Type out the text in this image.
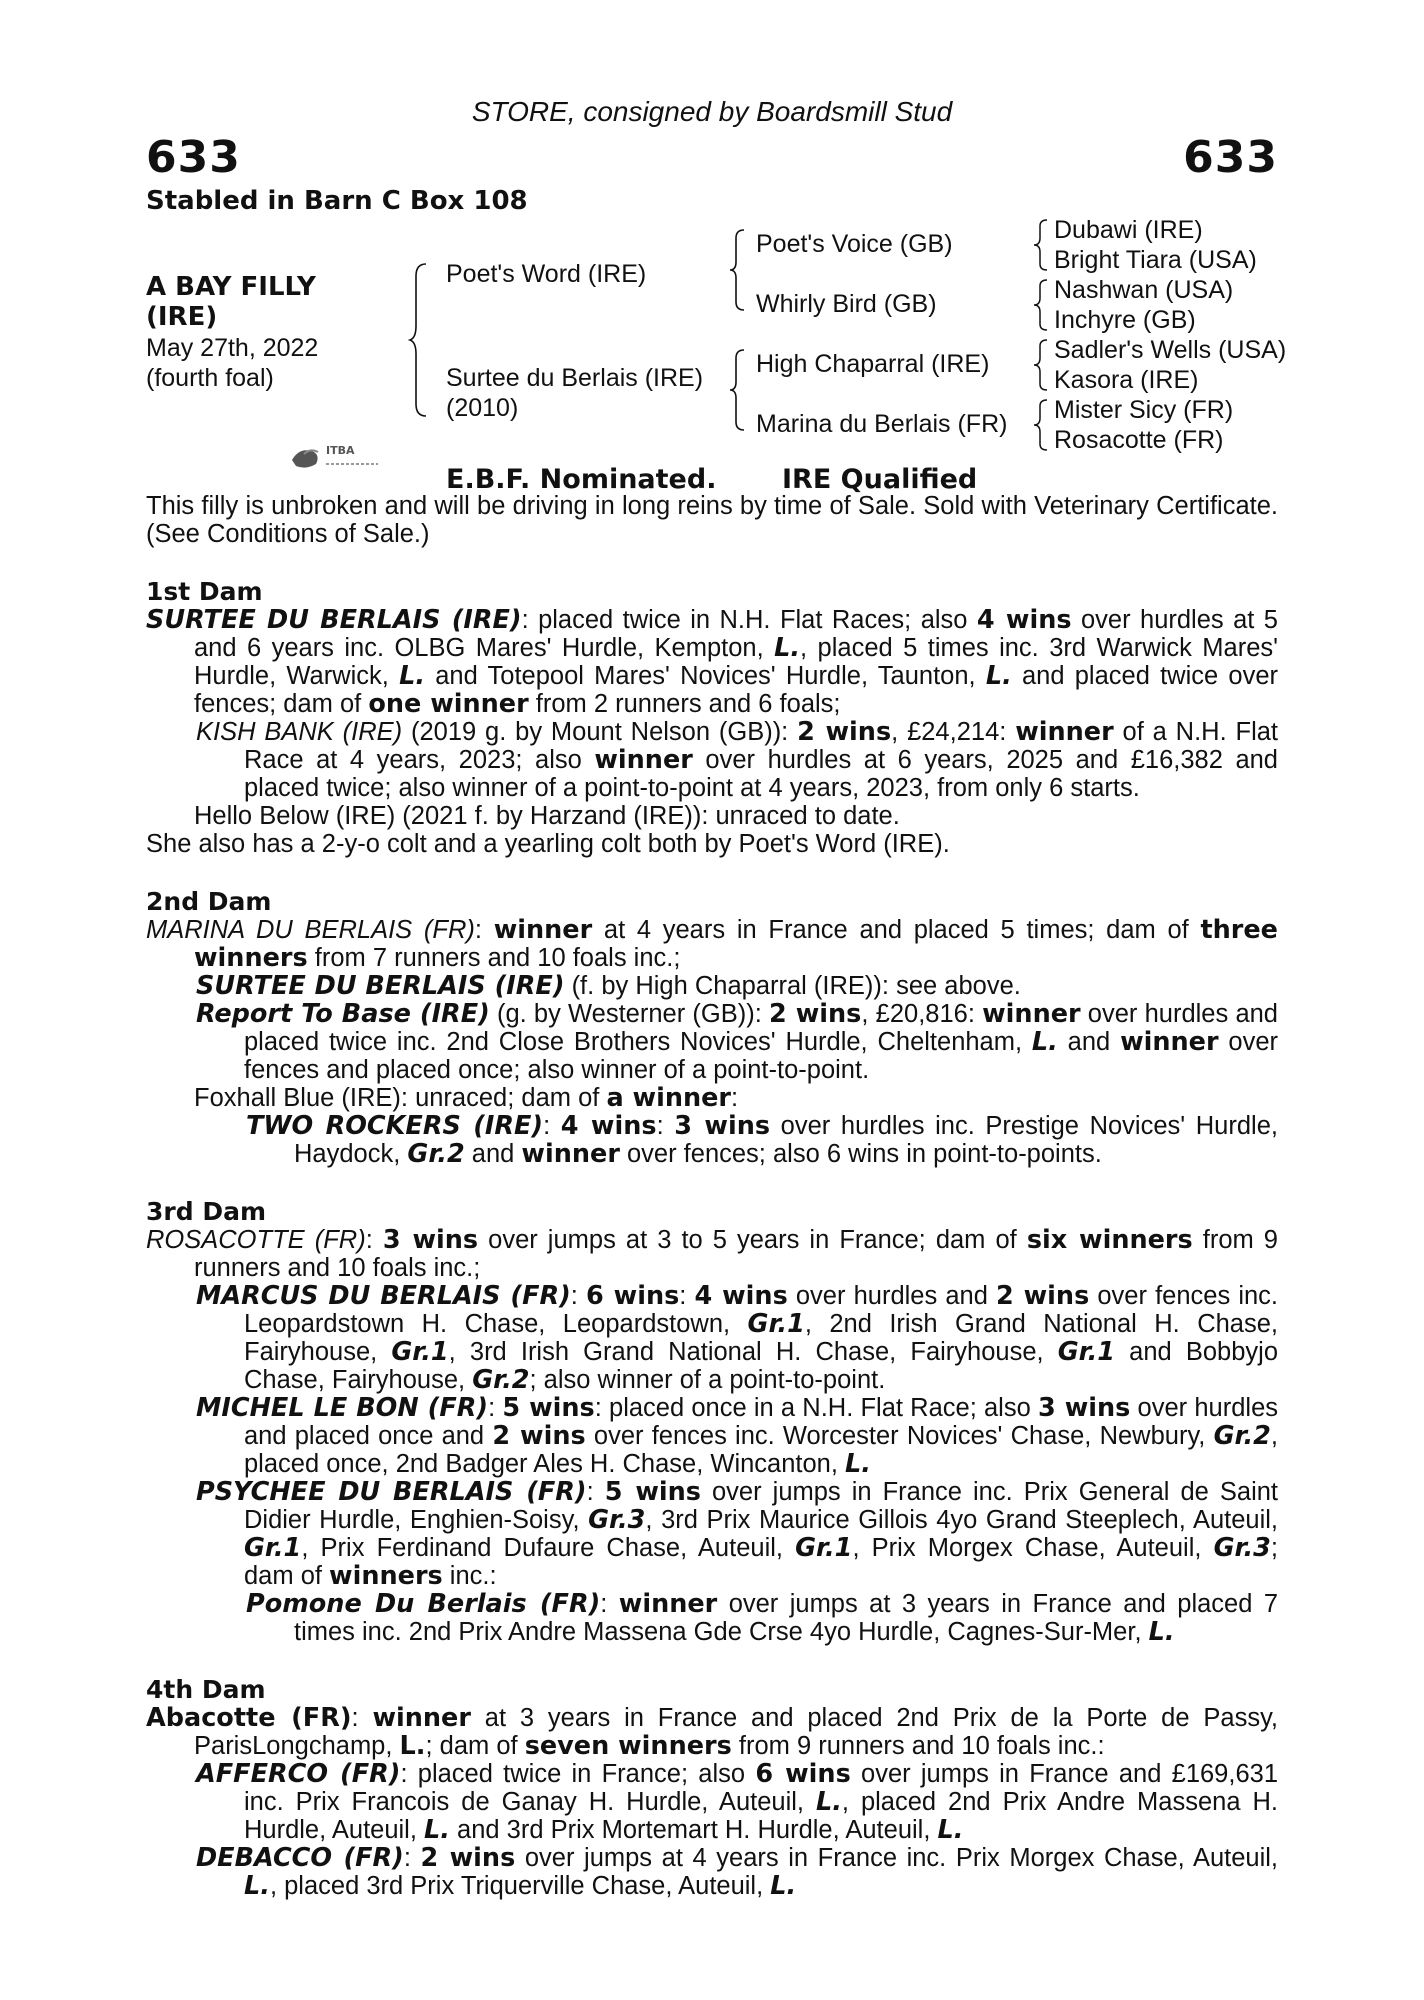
STORE, consigned by Boardsmill Stud
633	633
Stabled in Barn C Box 108
A BAY FILLY
(IRE)
May 27th, 2022
(fourth foal)
Poet's Word (IRE)
Surtee du Berlais (IRE)
(2010)
Poet's Voice (GB)
Whirly Bird (GB)
High Chaparral (IRE)
Marina du Berlais (FR)
Dubawi (IRE)
Bright Tiara (USA)
Nashwan (USA)
Inchyre (GB)
Sadler's Wells (USA)
Kasora (IRE)
Mister Sicy (FR)
Rosacotte (FR)
ITBA
E.B.F. Nominated. IRE Qualified

This filly is unbroken and will be driving in long reins by time of Sale. Sold with Veterinary Certificate. (See Conditions of Sale.)

1st Dam

SURTEE DU BERLAIS (IRE): placed twice in N.H. Flat Races; also 4 wins over hurdles at 5 and 6 years inc. OLBG Mares' Hurdle, Kempton, L., placed 5 times inc. 3rd Warwick Mares' Hurdle, Warwick, L. and Totepool Mares' Novices' Hurdle, Taunton, L. and placed twice over fences; dam of one winner from 2 runners and 6 foals;

KISH BANK (IRE) (2019 g. by Mount Nelson (GB)): 2 wins, £24,214: winner of a N.H. Flat Race at 4 years, 2023; also winner over hurdles at 6 years, 2025 and £16,382 and placed twice; also winner of a point-to-point at 4 years, 2023, from only 6 starts.

Hello Below (IRE) (2021 f. by Harzand (IRE)): unraced to date.

She also has a 2-y-o colt and a yearling colt both by Poet's Word (IRE).

2nd Dam

MARINA DU BERLAIS (FR): winner at 4 years in France and placed 5 times; dam of three winners from 7 runners and 10 foals inc.;

SURTEE DU BERLAIS (IRE) (f. by High Chaparral (IRE)): see above.

Report To Base (IRE) (g. by Westerner (GB)): 2 wins, £20,816: winner over hurdles and placed twice inc. 2nd Close Brothers Novices' Hurdle, Cheltenham, L. and winner over fences and placed once; also winner of a point-to-point.

Foxhall Blue (IRE): unraced; dam of a winner:

TWO ROCKERS (IRE): 4 wins: 3 wins over hurdles inc. Prestige Novices' Hurdle, Haydock, Gr.2 and winner over fences; also 6 wins in point-to-points.

3rd Dam

ROSACOTTE (FR): 3 wins over jumps at 3 to 5 years in France; dam of six winners from 9 runners and 10 foals inc.;

MARCUS DU BERLAIS (FR): 6 wins: 4 wins over hurdles and 2 wins over fences inc. Leopardstown H. Chase, Leopardstown, Gr.1, 2nd Irish Grand National H. Chase, Fairyhouse, Gr.1, 3rd Irish Grand National H. Chase, Fairyhouse, Gr.1 and Bobbyjo Chase, Fairyhouse, Gr.2; also winner of a point-to-point.

MICHEL LE BON (FR): 5 wins: placed once in a N.H. Flat Race; also 3 wins over hurdles and placed once and 2 wins over fences inc. Worcester Novices' Chase, Newbury, Gr.2, placed once, 2nd Badger Ales H. Chase, Wincanton, L.

PSYCHEE DU BERLAIS (FR): 5 wins over jumps in France inc. Prix General de Saint Didier Hurdle, Enghien-Soisy, Gr.3, 3rd Prix Maurice Gillois 4yo Grand Steeplech, Auteuil, Gr.1, Prix Ferdinand Dufaure Chase, Auteuil, Gr.1, Prix Morgex Chase, Auteuil, Gr.3; dam of winners inc.:

Pomone Du Berlais (FR): winner over jumps at 3 years in France and placed 7 times inc. 2nd Prix Andre Massena Gde Crse 4yo Hurdle, Cagnes-Sur-Mer, L.

4th Dam

Abacotte (FR): winner at 3 years in France and placed 2nd Prix de la Porte de Passy, ParisLongchamp, L.; dam of seven winners from 9 runners and 10 foals inc.:

AFFERCO (FR): placed twice in France; also 6 wins over jumps in France and £169,631 inc. Prix Francois de Ganay H. Hurdle, Auteuil, L., placed 2nd Prix Andre Massena H. Hurdle, Auteuil, L. and 3rd Prix Mortemart H. Hurdle, Auteuil, L.

DEBACCO (FR): 2 wins over jumps at 4 years in France inc. Prix Morgex Chase, Auteuil, L., placed 3rd Prix Triquerville Chase, Auteuil, L.
